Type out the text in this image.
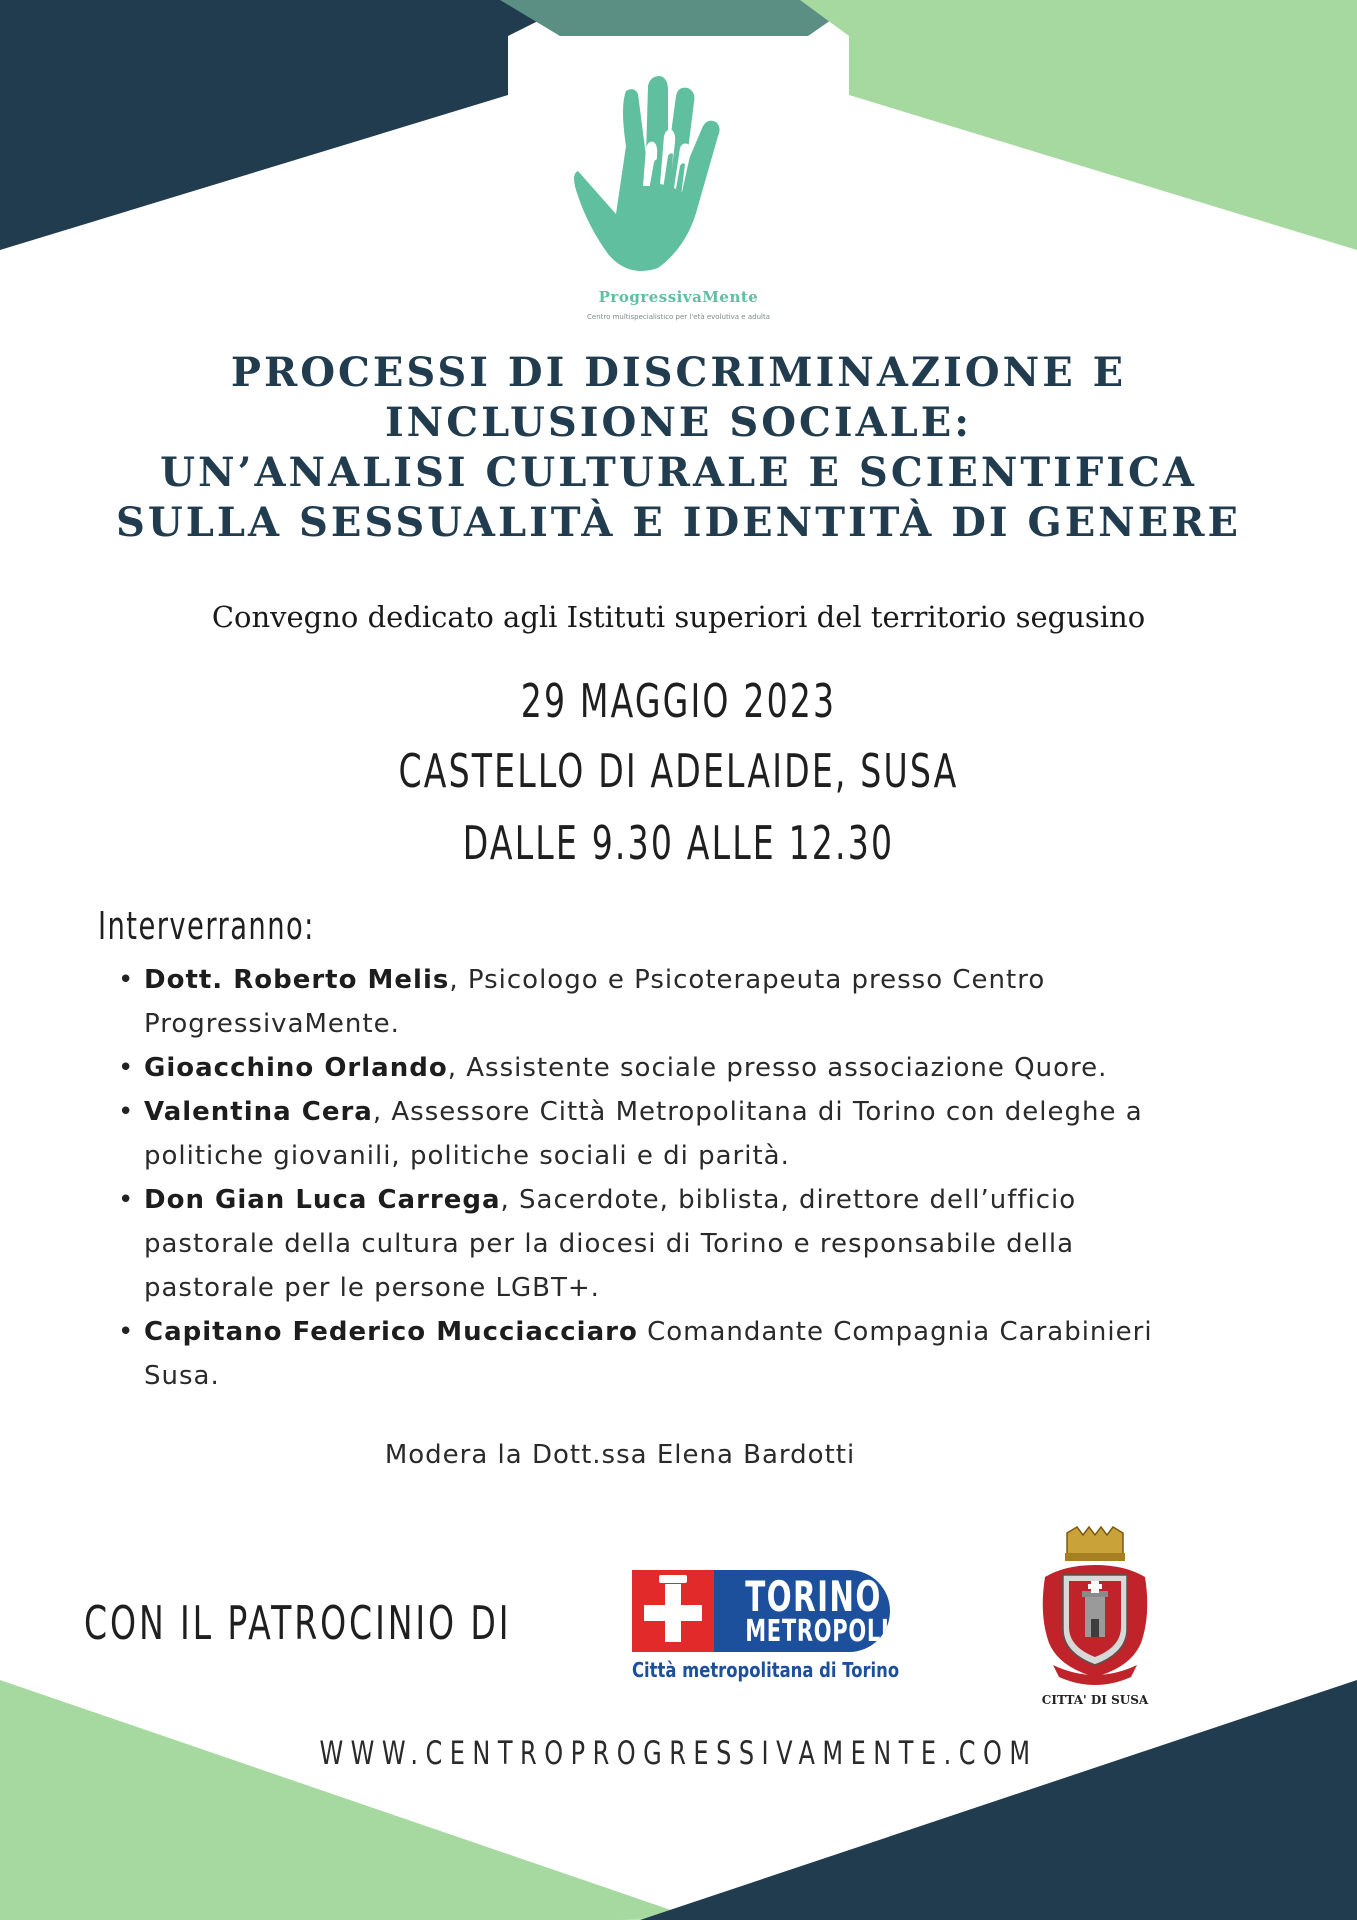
ProgressivaMente
Centro multispecialistico per l'età evolutiva e adulta
PROCESSI DI DISCRIMINAZIONE E
INCLUSIONE SOCIALE:
UN’ANALISI CULTURALE E SCIENTIFICA
SULLA SESSUALITÀ E IDENTITÀ DI GENERE
Convegno dedicato agli Istituti superiori del territorio segusino
29 MAGGIO 2023
CASTELLO DI ADELAIDE, SUSA
DALLE 9.30 ALLE 12.30
Interverranno:
• Dott. Roberto Melis, Psicologo e Psicoterapeuta presso Centro ProgressivaMente.
• Gioacchino Orlando, Assistente sociale presso associazione Quore.
• Valentina Cera, Assessore Città Metropolitana di Torino con deleghe a politiche giovanili, politiche sociali e di parità.
• Don Gian Luca Carrega, Sacerdote, biblista, direttore dell’ufficio pastorale della cultura per la diocesi di Torino e responsabile della pastorale per le persone LGBT+.
• Capitano Federico Mucciacciaro Comandante Compagnia Carabinieri Susa.
Modera la Dott.ssa Elena Bardotti
CON IL PATROCINIO DI	TORINO
METROPOLI
Città metropolitana di Torino
CITTA' DI SUSA
WWW.CENTROPROGRESSIVAMENTE.COM
